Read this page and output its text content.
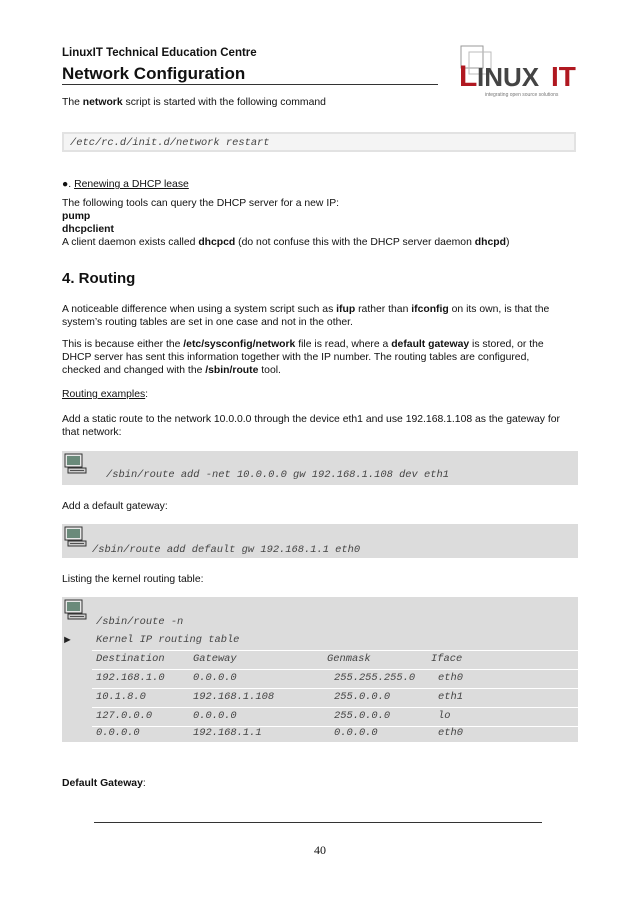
LinuxIT Technical Education Centre
Network Configuration	L INUX IT
integrating open source solutions
The network script is started with the following command
/etc/rc.d/init.d/network restart
●. Renewing a DHCP lease
The following tools can query the DHCP server for a new IP:
pump
dhcpclient
A client daemon exists called dhcpcd (do not confuse this with the DHCP server daemon dhcpd)
4. Routing
A noticeable difference when using a system script such as ifup rather than ifconfig on its own, is that the
system’s routing tables are set in one case and not in the other.
This is because either the /etc/sysconfig/network file is read, where a default gateway is stored, or the
DHCP server has sent this information together with the IP number. The routing tables are configured,
checked and changed with the /sbin/route tool.
Routing examples:
Add a static route to the network 10.0.0.0 through the device eth1 and use 192.168.1.108 as the gateway for
that network:
/sbin/route add -net 10.0.0.0 gw 192.168.1.108 dev eth1
Add a default gateway:
/sbin/route add default gw 192.168.1.1 eth0
Listing the kernel routing table:
/sbin/route -n
► Kernel IP routing table
Destination	Gateway	Genmask	Iface
192.168.1.0	0.0.0.0	255.255.255.0 eth0
10.1.8.0	192.168.1.108	255.0.0.0	eth1
127.0.0.0	0.0.0.0	255.0.0.0	lo
0.0.0.0	192.168.1.1	0.0.0.0	eth0
Default Gateway:
40
